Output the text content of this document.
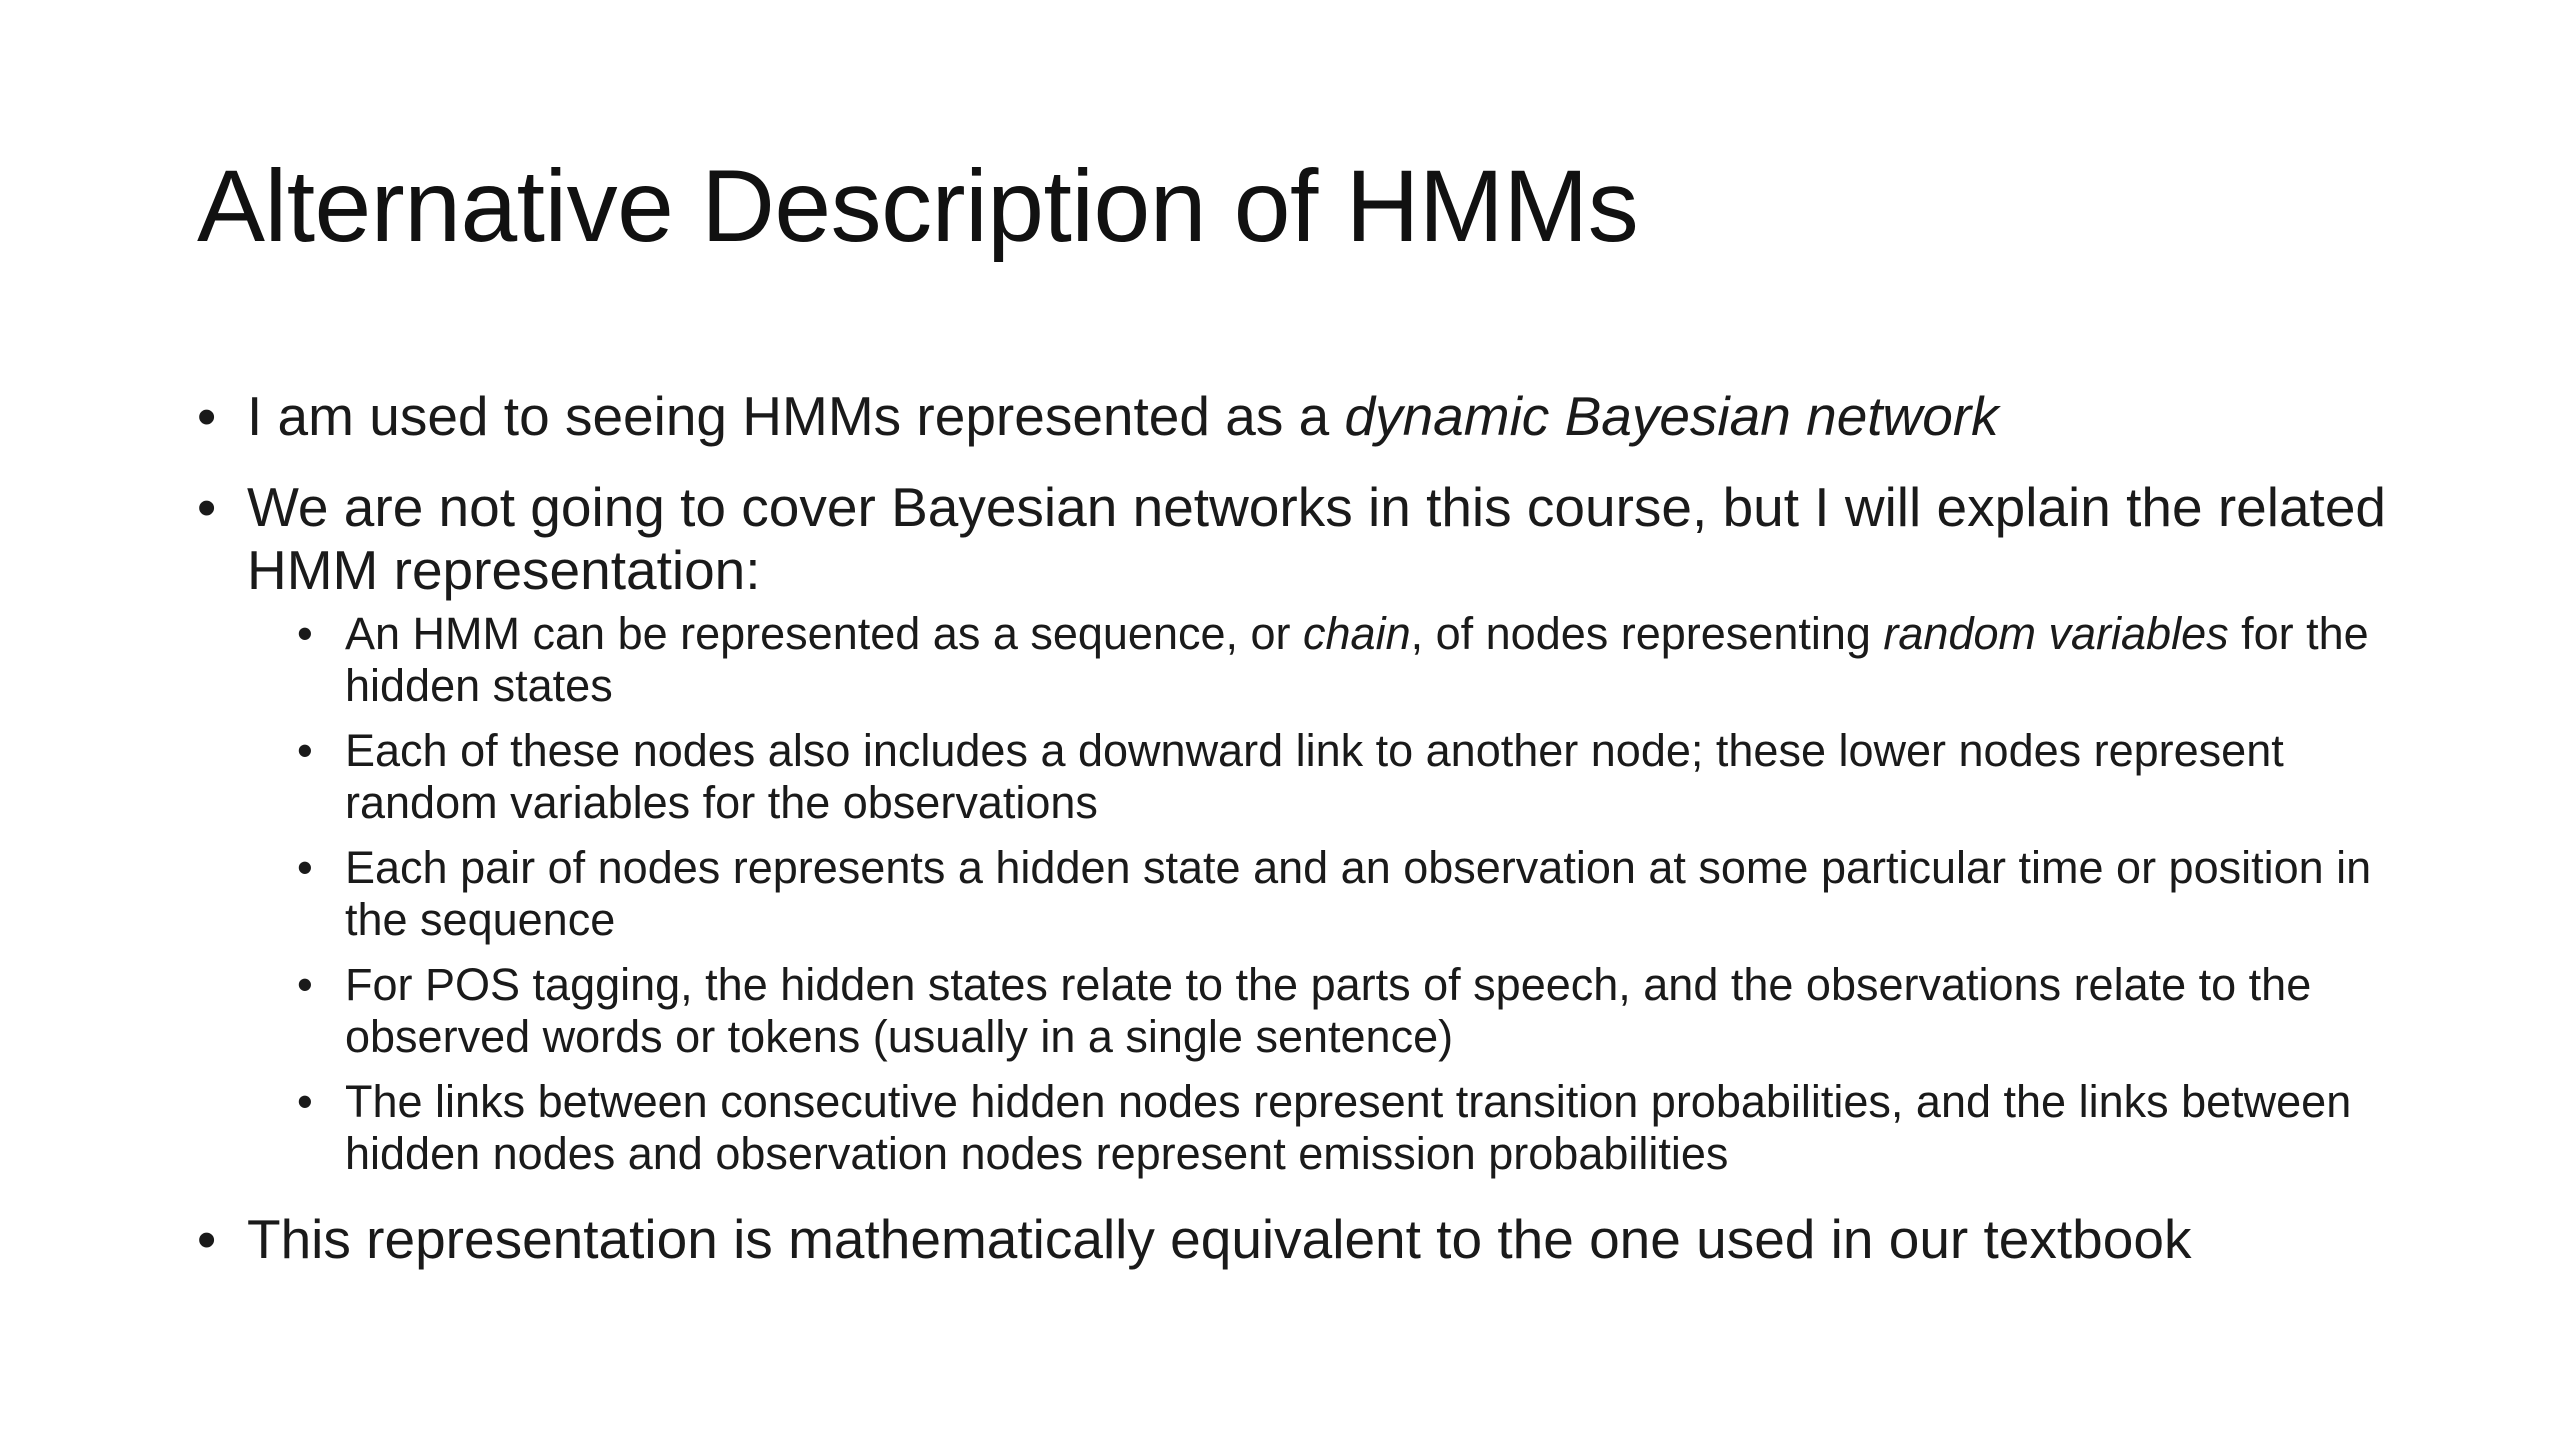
Alternative Description of HMMs
• I am used to seeing HMMs represented as a dynamic Bayesian network
• We are not going to cover Bayesian networks in this course, but I will explain the related HMM representation:
• An HMM can be represented as a sequence, or chain, of nodes representing random variables for the hidden states
• Each of these nodes also includes a downward link to another node; these lower nodes represent random variables for the observations
• Each pair of nodes represents a hidden state and an observation at some particular time or position in the sequence
• For POS tagging, the hidden states relate to the parts of speech, and the observations relate to the observed words or tokens (usually in a single sentence)
• The links between consecutive hidden nodes represent transition probabilities, and the links between hidden nodes and observation nodes represent emission probabilities
• This representation is mathematically equivalent to the one used in our textbook
